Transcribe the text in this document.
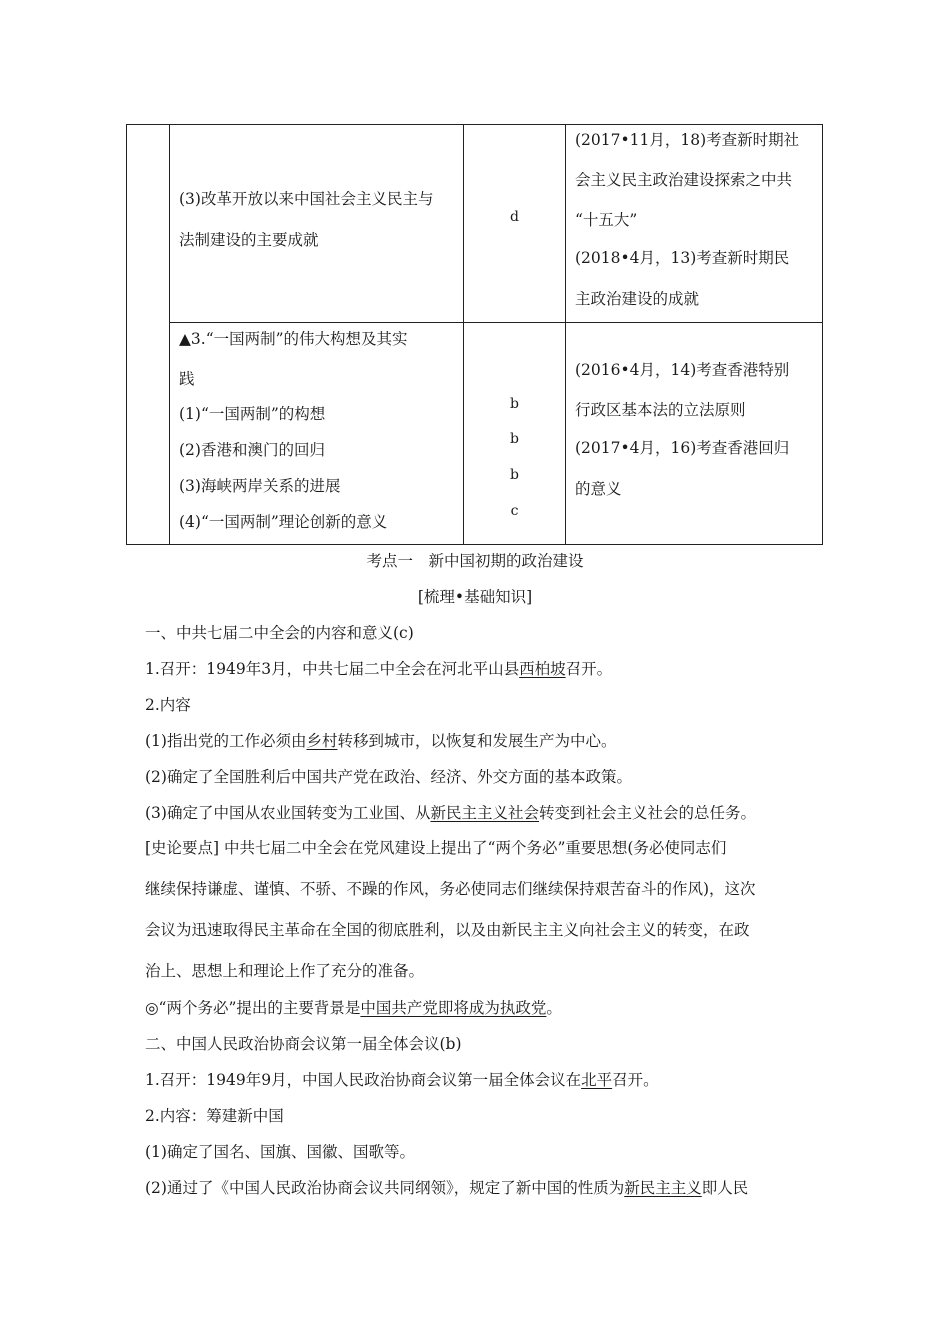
(3)改革开放以来中国社会主义民主与
法制建设的主要成就
d
(2017•11月，18)考查新时期社
会主义民主政治建设探索之中共
“十五大”
(2018•4月，13)考查新时期民
主政治建设的成就
▲3.“一国两制”的伟大构想及其实
践
(1)“一国两制”的构想
(2)香港和澳门的回归
(3)海峡两岸关系的进展
(4)“一国两制”理论创新的意义
b
b
b
c
(2016•4月，14)考查香港特别
行政区基本法的立法原则
(2017•4月，16)考查香港回归
的意义
考点一　新中国初期的政治建设
[梳理•基础知识]
一、中共七届二中全会的内容和意义(c)
1.召开：1949年3月，中共七届二中全会在河北平山县西柏坡召开。
2.内容
(1)指出党的工作必须由乡村转移到城市，以恢复和发展生产为中心。
(2)确定了全国胜利后中国共产党在政治、经济、外交方面的基本政策。
(3)确定了中国从农业国转变为工业国、从新民主主义社会转变到社会主义社会的总任务。
[史论要点] 中共七届二中全会在党风建设上提出了“两个务必”重要思想(务必使同志们
继续保持谦虚、谨慎、不骄、不躁的作风，务必使同志们继续保持艰苦奋斗的作风)，这次
会议为迅速取得民主革命在全国的彻底胜利，以及由新民主主义向社会主义的转变，在政
治上、思想上和理论上作了充分的准备。
◎“两个务必”提出的主要背景是中国共产党即将成为执政党。
二、中国人民政治协商会议第一届全体会议(b)
1.召开：1949年9月，中国人民政治协商会议第一届全体会议在北平召开。
2.内容：筹建新中国
(1)确定了国名、国旗、国徽、国歌等。
(2)通过了《中国人民政治协商会议共同纲领》，规定了新中国的性质为新民主主义即人民
